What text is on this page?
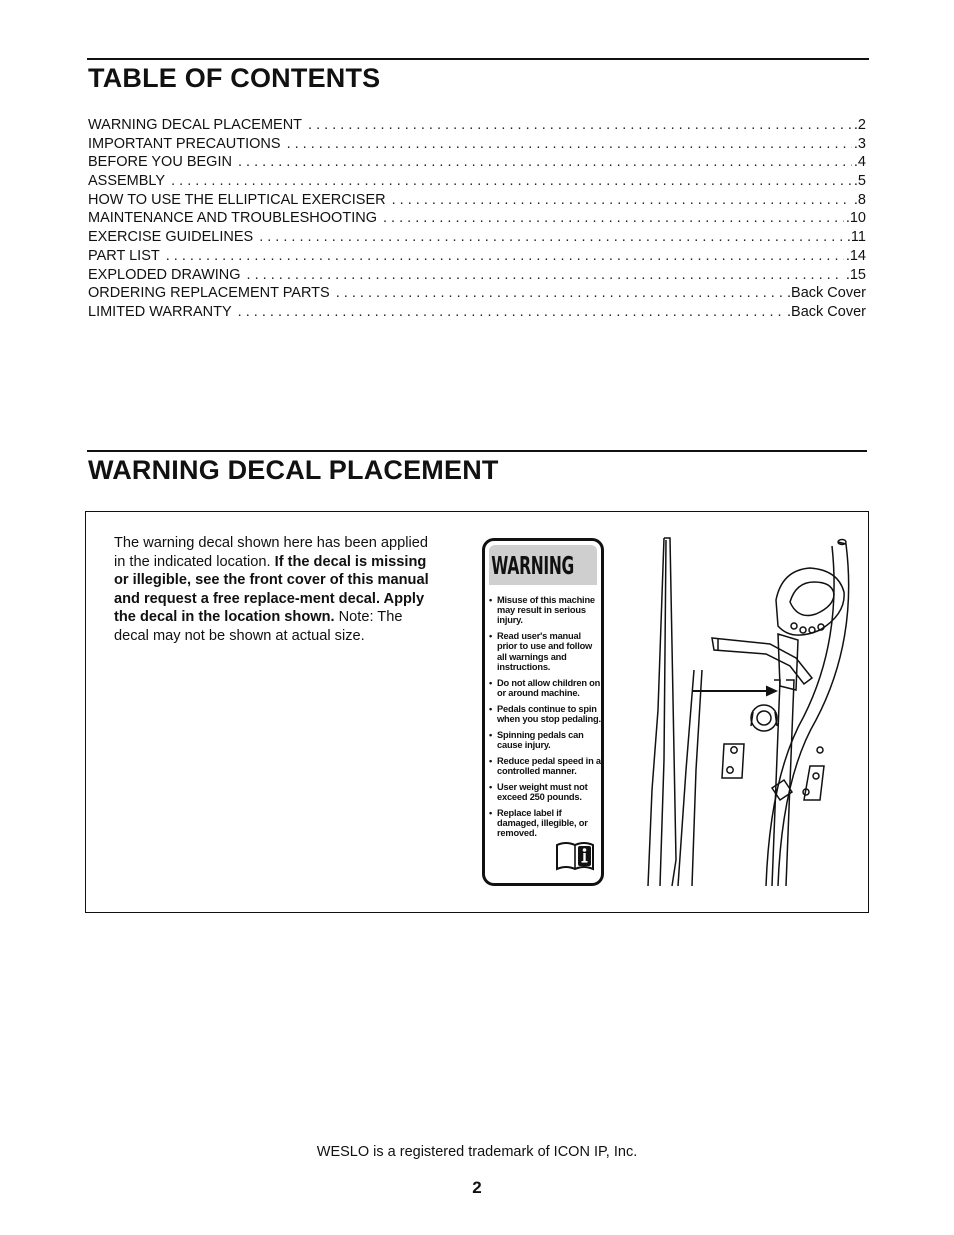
TABLE OF CONTENTS
WARNING DECAL PLACEMENT . . .	.2
IMPORTANT PRECAUTIONS . . .	.3
BEFORE YOU BEGIN . . .	.4
ASSEMBLY . . .	.5
HOW TO USE THE ELLIPTICAL EXERCISER . . .	.8
MAINTENANCE AND TROUBLESHOOTING . . .	.10
EXERCISE GUIDELINES . . .	.11
PART LIST . . .	.14
EXPLODED DRAWING . . .	.15
ORDERING REPLACEMENT PARTS . . .	.Back Cover
LIMITED WARRANTY . . .	.Back Cover
WARNING DECAL PLACEMENT

The warning decal shown here has been applied in the indicated location. If the decal is missing or illegible, see the front cover of this manual and request a free replace-ment decal. Apply the decal in the location shown. Note: The decal may not be shown at actual size.

WARNING
• Misuse of this machine may result in serious injury.
• Read user's manual prior to use and follow all warnings and instructions.
• Do not allow children on or around machine.
• Pedals continue to spin when you stop pedaling.
• Spinning pedals can cause injury.
• Reduce pedal speed in a controlled manner.
• User weight must not exceed 250 pounds.
• Replace label if damaged, illegible, or removed.

WESLO is a registered trademark of ICON IP, Inc.

2
